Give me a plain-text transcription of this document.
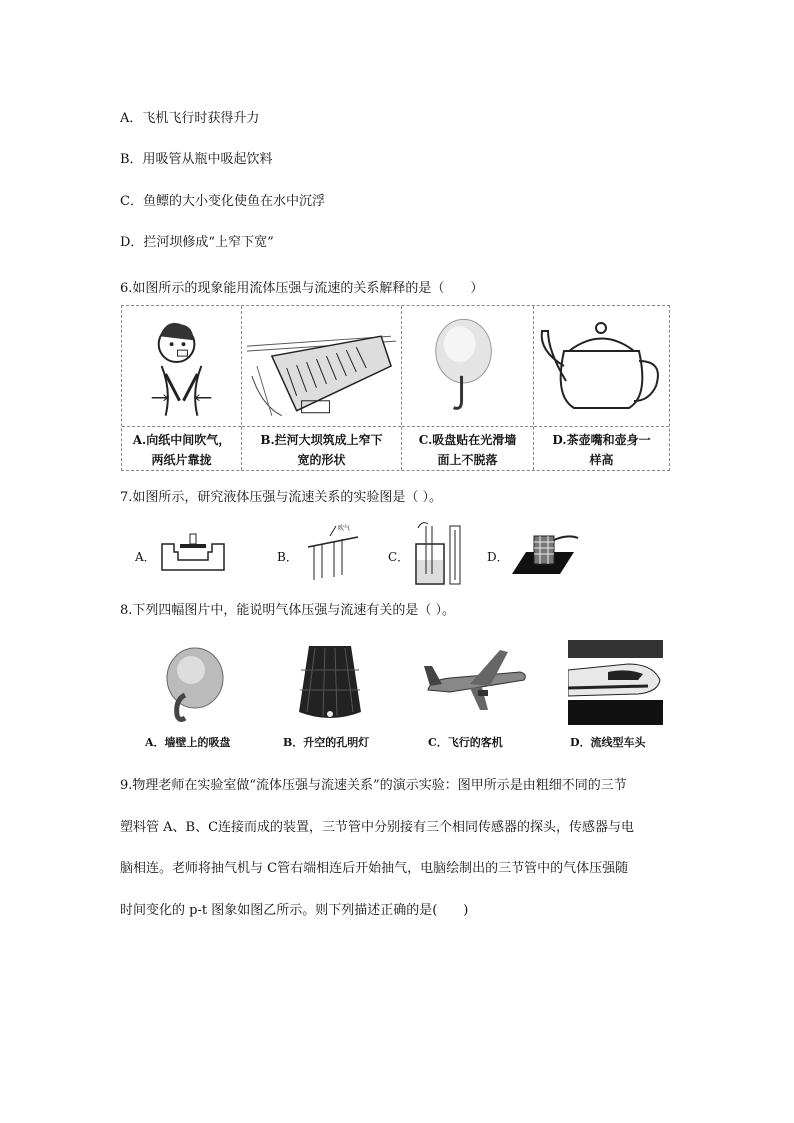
A．飞机飞行时获得升力
B．用吸管从瓶中吸起饮料
C．鱼鳔的大小变化使鱼在水中沉浮
D．拦河坝修成“上窄下宽”
6.如图所示的现象能用流体压强与流速的关系解释的是（　　）
A.向纸中间吹气，
两纸片靠拢
B.拦河大坝筑成上窄下
宽的形状
C.吸盘贴在光滑墙
面上不脱落
D.茶壶嘴和壶身一
样高
7.如图所示，研究液体压强与流速关系的实验图是（ ）。
A．	B．
吹气
C．	D．
8.下列四幅图片中，能说明气体压强与流速有关的是（ ）。
A．墙壁上的吸盘	B．升空的孔明灯	C．飞行的客机	D．流线型车头
9.物理老师在实验室做“流体压强与流速关系”的演示实验：图甲所示是由粗细不同的三节
塑料管 A、B、C连接而成的装置，三节管中分别接有三个相同传感器的探头，传感器与电
脑相连。老师将抽气机与 C管右端相连后开始抽气，电脑绘制出的三节管中的气体压强随
时间变化的 p-t 图象如图乙所示。则下列描述正确的是(　　)
